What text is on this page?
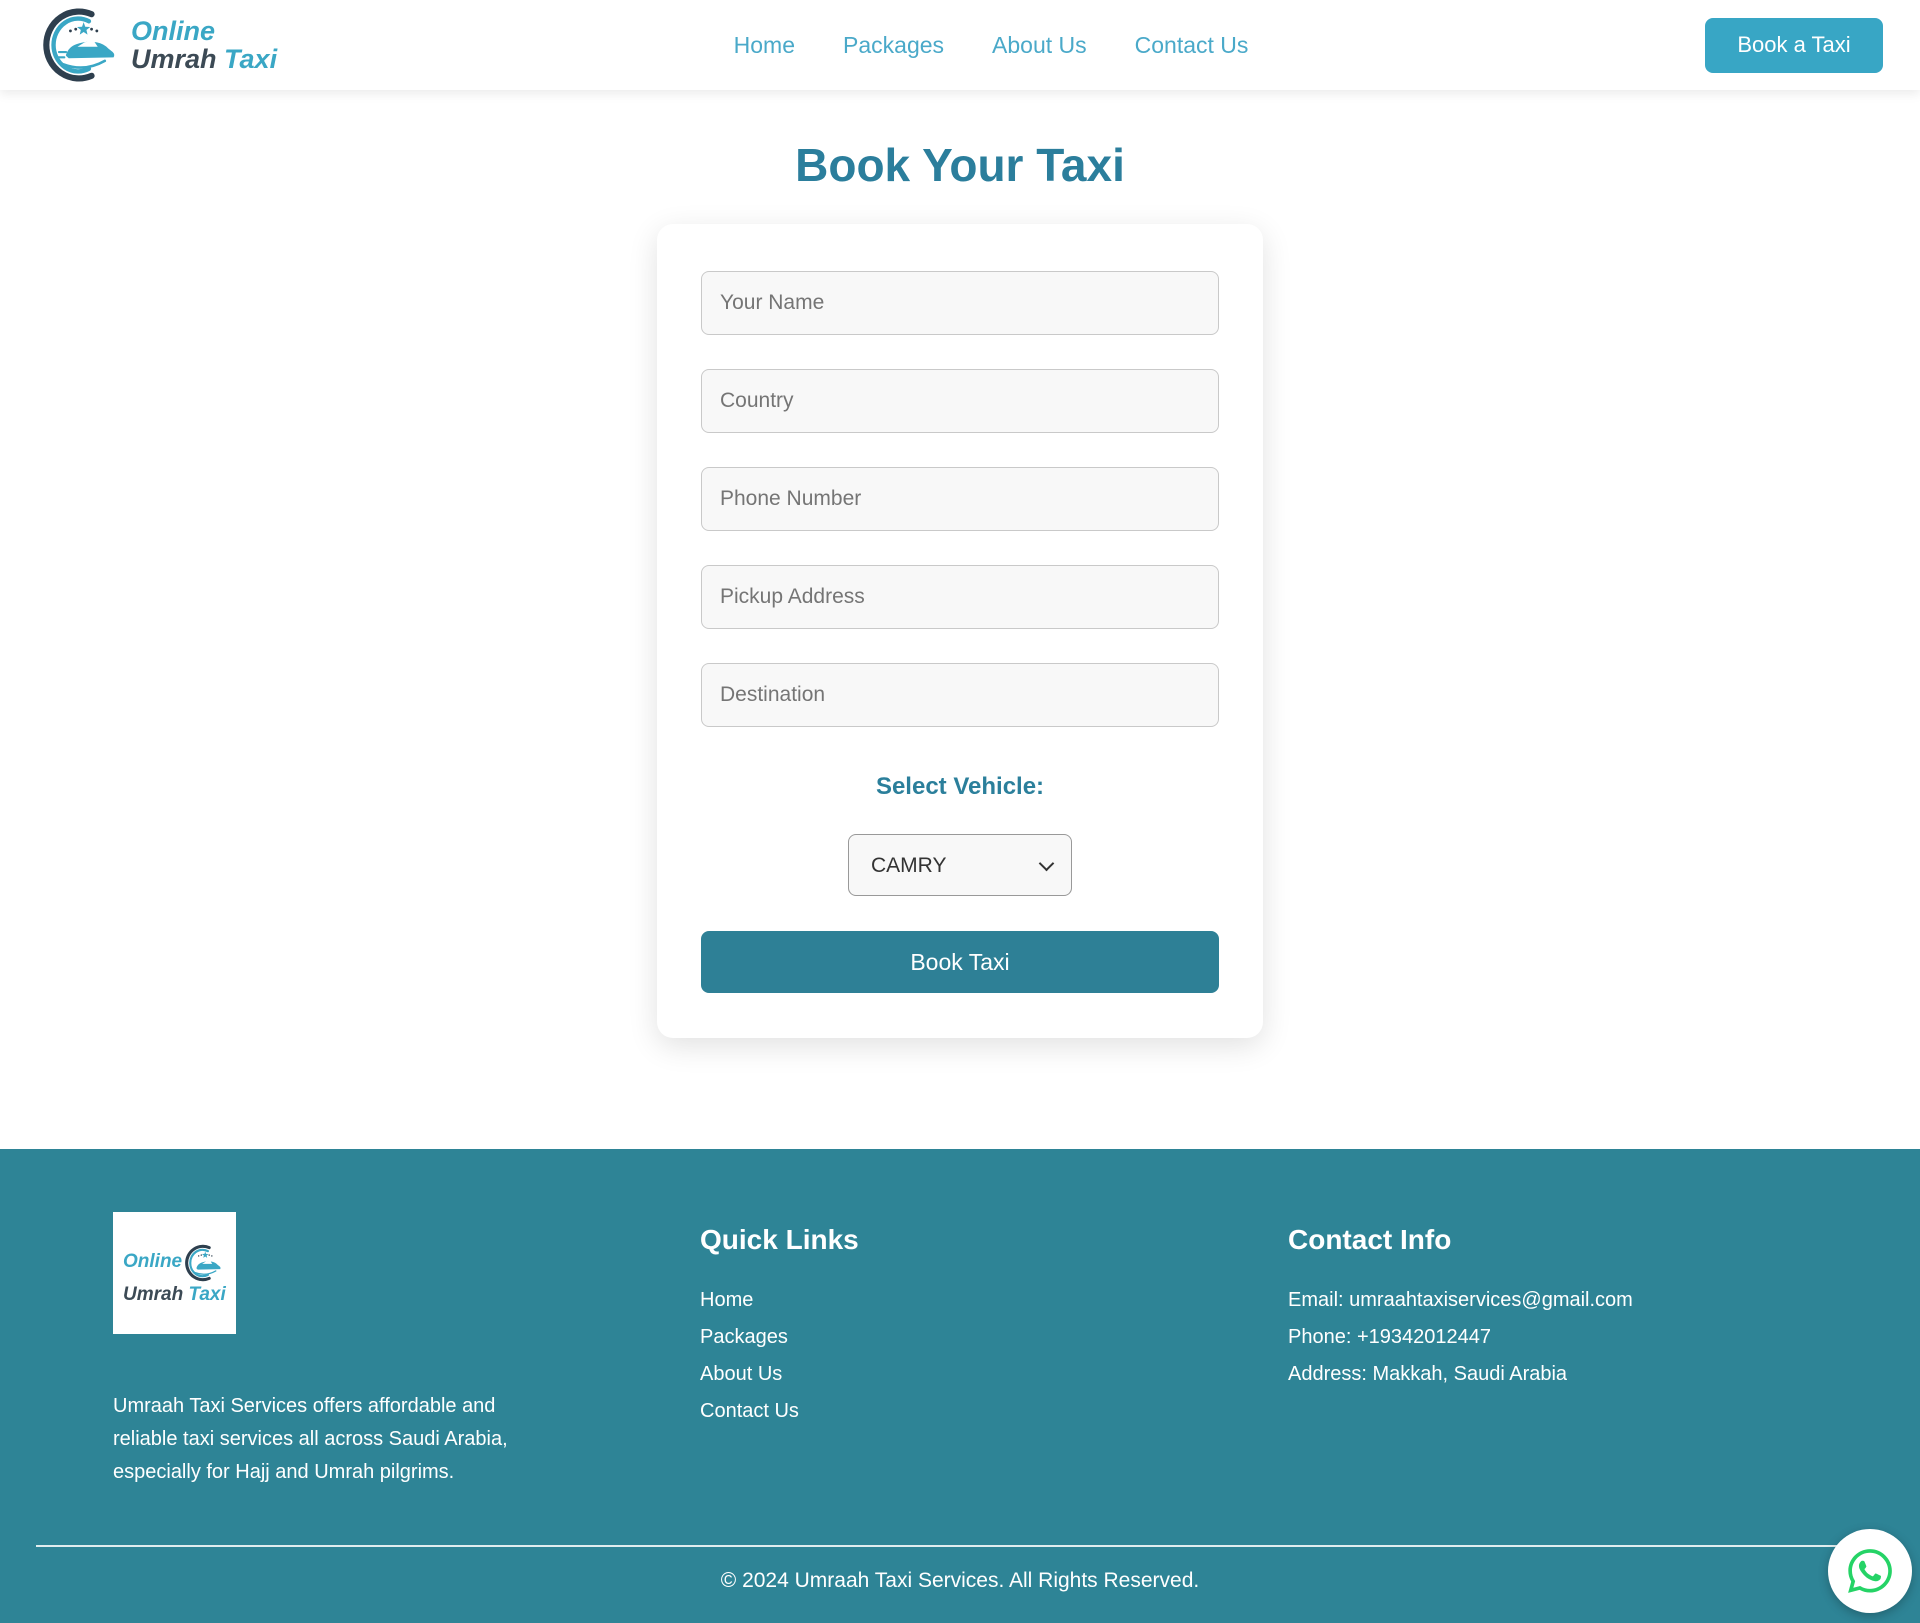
Online
Umrah Taxi	Home Packages About Us Contact Us	Book a Taxi
Book Your Taxi
Your Name
Country
Phone Number
Pickup Address
Destination
Select Vehicle:
CAMRY
Book Taxi
Online
Umrah Taxi

Umraah Taxi Services offers affordable and reliable taxi services all across Saudi Arabia, especially for Hajj and Umrah pilgrims.

Quick Links
Home
Packages
About Us
Contact Us
Contact Info

Email: umraahtaxiservices@gmail.com

Phone: +19342012447

Address: Makkah, Saudi Arabia

© 2024 Umraah Taxi Services. All Rights Reserved.
